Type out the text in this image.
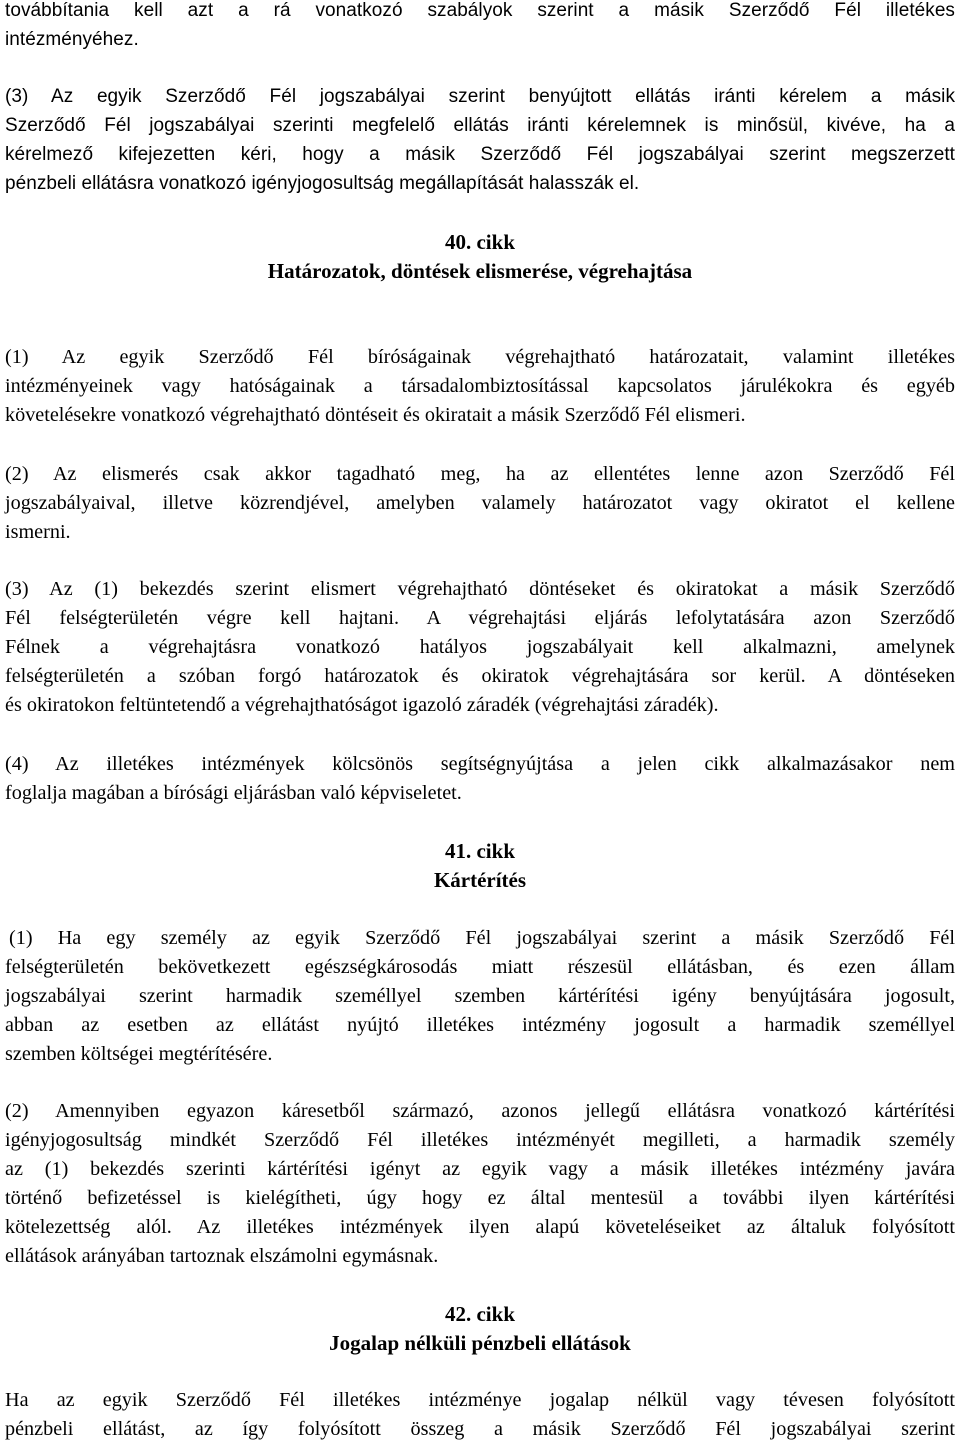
továbbítania kell azt a rá vonatkozó szabályok szerint a másik Szerződő Fél illetékes
intézményéhez.
(3) Az egyik Szerződő Fél jogszabályai szerint benyújtott ellátás iránti kérelem a másik
Szerződő Fél jogszabályai szerinti megfelelő ellátás iránti kérelemnek is minősül, kivéve, ha a
kérelmező kifejezetten kéri, hogy a másik Szerződő Fél jogszabályai szerint megszerzett
pénzbeli ellátásra vonatkozó igényjogosultság megállapítását halasszák el.
40. cikk
Határozatok, döntések elismerése, végrehajtása
(1) Az egyik Szerződő Fél bíróságainak végrehajtható határozatait, valamint illetékes
intézményeinek vagy hatóságainak a társadalombiztosítással kapcsolatos járulékokra és egyéb
követelésekre vonatkozó végrehajtható döntéseit és okiratait a másik Szerződő Fél elismeri.
(2) Az elismerés csak akkor tagadható meg, ha az ellentétes lenne azon Szerződő Fél
jogszabályaival, illetve közrendjével, amelyben valamely határozatot vagy okiratot el kellene
ismerni.
(3) Az (1) bekezdés szerint elismert végrehajtható döntéseket és okiratokat a másik Szerződő
Fél felségterületén végre kell hajtani. A végrehajtási eljárás lefolytatására azon Szerződő
Félnek a végrehajtásra vonatkozó hatályos jogszabályait kell alkalmazni, amelynek
felségterületén a szóban forgó határozatok és okiratok végrehajtására sor kerül. A döntéseken
és okiratokon feltüntetendő a végrehajthatóságot igazoló záradék (végrehajtási záradék).
(4) Az illetékes intézmények kölcsönös segítségnyújtása a jelen cikk alkalmazásakor nem
foglalja magában a bírósági eljárásban való képviseletet.
41. cikk
Kártérítés
(1) Ha egy személy az egyik Szerződő Fél jogszabályai szerint a másik Szerződő Fél
felségterületén bekövetkezett egészségkárosodás miatt részesül ellátásban, és ezen állam
jogszabályai szerint harmadik személlyel szemben kártérítési igény benyújtására jogosult,
abban az esetben az ellátást nyújtó illetékes intézmény jogosult a harmadik személlyel
szemben költségei megtérítésére.
(2) Amennyiben egyazon káresetből származó, azonos jellegű ellátásra vonatkozó kártérítési
igényjogosultság mindkét Szerződő Fél illetékes intézményét megilleti, a harmadik személy
az (1) bekezdés szerinti kártérítési igényt az egyik vagy a másik illetékes intézmény javára
történő befizetéssel is kielégítheti, úgy hogy ez által mentesül a további ilyen kártérítési
kötelezettség alól. Az illetékes intézmények ilyen alapú követeléseiket az általuk folyósított
ellátások arányában tartoznak elszámolni egymásnak.
42. cikk
Jogalap nélküli pénzbeli ellátások
Ha az egyik Szerződő Fél illetékes intézménye jogalap nélkül vagy tévesen folyósított
pénzbeli ellátást, az így folyósított összeg a másik Szerződő Fél jogszabályai szerint
